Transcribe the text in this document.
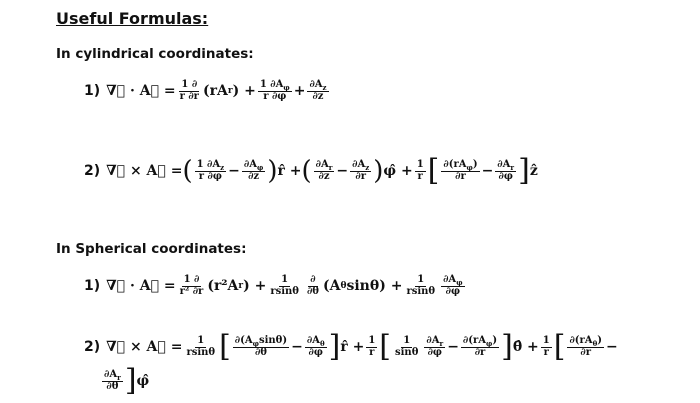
Useful Formulas:
In cylindrical coordinates:
1) ∇⃗ · A⃗ = $\frac{1 \partial}{r \partial r} (rA$ r ) + $\frac{1 \partial A_\varphi}{r \partial\varphi} + \frac{\partial A_z}{\partial z}$
2) ∇⃗ × A⃗ = ( $\frac{1 \partial A_z}{r \partial\varphi} - \frac{\partial A_\varphi}{\partial z}$ ) r̂ + ( $\frac{\partial A_r}{\partial z} - \frac{\partial A_z}{\partial r}$ ) φ̂ + $\frac{1}{r}$ [ $\frac{\partial(rA_\varphi)}{\partial r} - \frac{\partial A_r}{\partial\varphi}$ ] ẑ
In Spherical coordinates:
1) ∇⃗ · A⃗ = $\frac{1 \partial}{\text{r² ∂r}} (r^2A$ r ) + $\frac{1}{rsin\theta} \frac{\partial}{\partial\theta} (A$ θ $\sin\theta) + \frac{1}{rsin\theta} \frac{\partial A_\varphi}{\partial\varphi}$
2) ∇⃗ × A⃗ = $\frac{1}{rsin\theta}$ [ $\frac{\partial(A_\varphi\sin\theta)}{\partial\theta} - \frac{\partial A_\theta}{\partial\varphi}$ ] r̂ + $\frac{1}{r}$ [ $\frac{1}{\sin\theta} \frac{\partial A_r}{\partial\varphi} - \frac{\partial(rA_\varphi)}{\partial r}$ ] θ̂ + $\frac{1}{r}$ [ $\frac{\partial(rA_\theta)}{\partial r}$ −
$\frac{\partial A_r}{\partial\theta}$ ] φ̂
